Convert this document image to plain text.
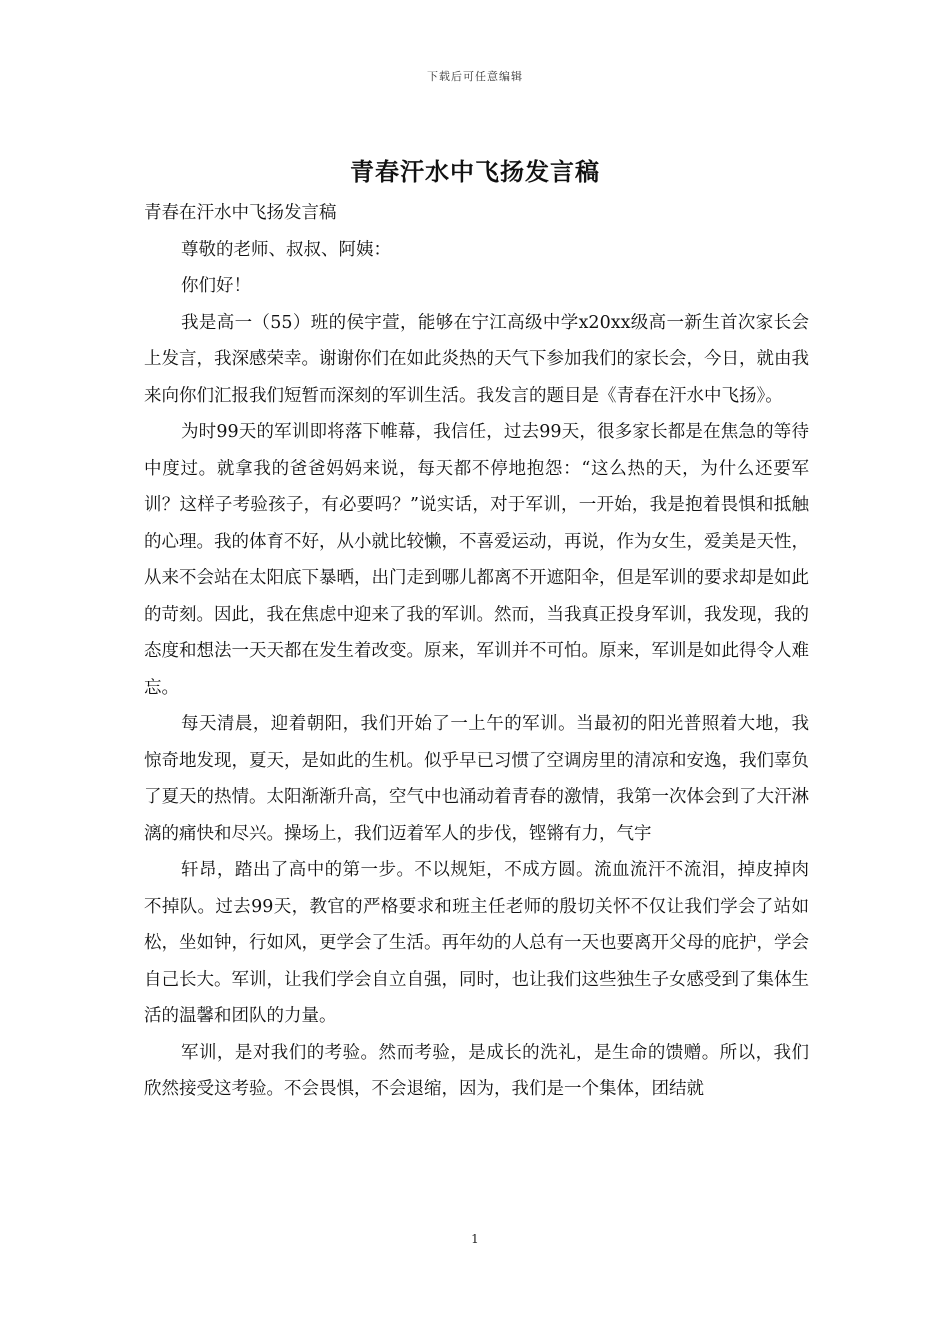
下载后可任意编辑
青春汗水中飞扬发言稿

青春在汗水中飞扬发言稿

尊敬的老师、叔叔、阿姨：

你们好！

我是高一（55）班的侯宇萱，能够在宁江高级中学x20xx级高一新生首次家长会上发言，我深感荣幸。谢谢你们在如此炎热的天气下参加我们的家长会，今日，就由我来向你们汇报我们短暂而深刻的军训生活。我发言的题目是《青春在汗水中飞扬》。

为时99天的军训即将落下帷幕，我信任，过去99天，很多家长都是在焦急的等待中度过。就拿我的爸爸妈妈来说，每天都不停地抱怨：“这么热的天，为什么还要军训？这样子考验孩子，有必要吗？”说实话，对于军训，一开始，我是抱着畏惧和抵触的心理。我的体育不好，从小就比较懒，不喜爱运动，再说，作为女生，爱美是天性，从来不会站在太阳底下暴晒，出门走到哪儿都离不开遮阳伞，但是军训的要求却是如此的苛刻。因此，我在焦虑中迎来了我的军训。然而，当我真正投身军训，我发现，我的态度和想法一天天都在发生着改变。原来，军训并不可怕。原来，军训是如此得令人难忘。

每天清晨，迎着朝阳，我们开始了一上午的军训。当最初的阳光普照着大地，我惊奇地发现，夏天，是如此的生机。似乎早已习惯了空调房里的清凉和安逸，我们辜负了夏天的热情。太阳渐渐升高，空气中也涌动着青春的激情，我第一次体会到了大汗淋漓的痛快和尽兴。操场上，我们迈着军人的步伐，铿锵有力，气宇

轩昂，踏出了高中的第一步。不以规矩，不成方圆。流血流汗不流泪，掉皮掉肉不掉队。过去99天，教官的严格要求和班主任老师的殷切关怀不仅让我们学会了站如松，坐如钟，行如风，更学会了生活。再年幼的人总有一天也要离开父母的庇护，学会自己长大。军训，让我们学会自立自强，同时，也让我们这些独生子女感受到了集体生活的温馨和团队的力量。

军训，是对我们的考验。然而考验，是成长的洗礼，是生命的馈赠。所以，我们欣然接受这考验。不会畏惧，不会退缩，因为，我们是一个集体，团结就

1
